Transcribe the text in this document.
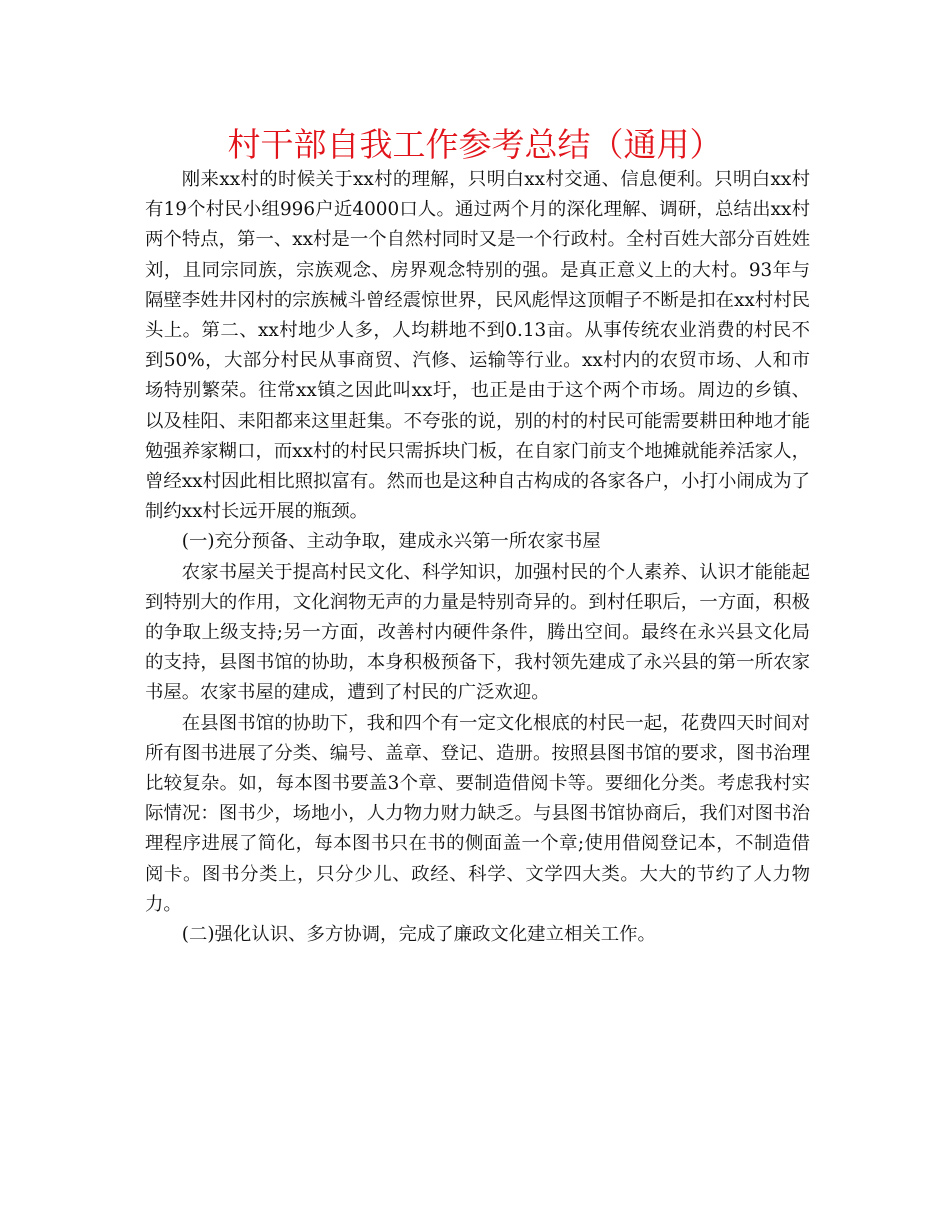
村干部自我工作参考总结（通用）

刚来xx村的时候关于xx村的理解，只明白xx村交通、信息便利。只明白xx村有19个村民小组996户近4000口人。通过两个月的深化理解、调研，总结出xx村两个特点，第一、xx村是一个自然村同时又是一个行政村。全村百姓大部分百姓姓刘，且同宗同族，宗族观念、房界观念特别的强。是真正意义上的大村。93年与隔壁李姓井冈村的宗族械斗曾经震惊世界，民风彪悍这顶帽子不断是扣在xx村村民头上。第二、xx村地少人多，人均耕地不到0.13亩。从事传统农业消费的村民不到50%，大部分村民从事商贸、汽修、运输等行业。xx村内的农贸市场、人和市场特别繁荣。往常xx镇之因此叫xx圩，也正是由于这个两个市场。周边的乡镇、以及桂阳、耒阳都来这里赶集。不夸张的说，别的村的村民可能需要耕田种地才能勉强养家糊口，而xx村的村民只需拆块门板，在自家门前支个地摊就能养活家人，曾经xx村因此相比照拟富有。然而也是这种自古构成的各家各户，小打小闹成为了制约xx村长远开展的瓶颈。

(一)充分预备、主动争取，建成永兴第一所农家书屋

农家书屋关于提高村民文化、科学知识，加强村民的个人素养、认识才能能起到特别大的作用，文化润物无声的力量是特别奇异的。到村任职后，一方面，积极的争取上级支持;另一方面，改善村内硬件条件，腾出空间。最终在永兴县文化局的支持，县图书馆的协助，本身积极预备下，我村领先建成了永兴县的第一所农家书屋。农家书屋的建成，遭到了村民的广泛欢迎。

在县图书馆的协助下，我和四个有一定文化根底的村民一起，花费四天时间对所有图书进展了分类、编号、盖章、登记、造册。按照县图书馆的要求，图书治理比较复杂。如，每本图书要盖3个章、要制造借阅卡等。要细化分类。考虑我村实际情况：图书少，场地小，人力物力财力缺乏。与县图书馆协商后，我们对图书治理程序进展了简化，每本图书只在书的侧面盖一个章;使用借阅登记本，不制造借阅卡。图书分类上，只分少儿、政经、科学、文学四大类。大大的节约了人力物力。

(二)强化认识、多方协调，完成了廉政文化建立相关工作。
